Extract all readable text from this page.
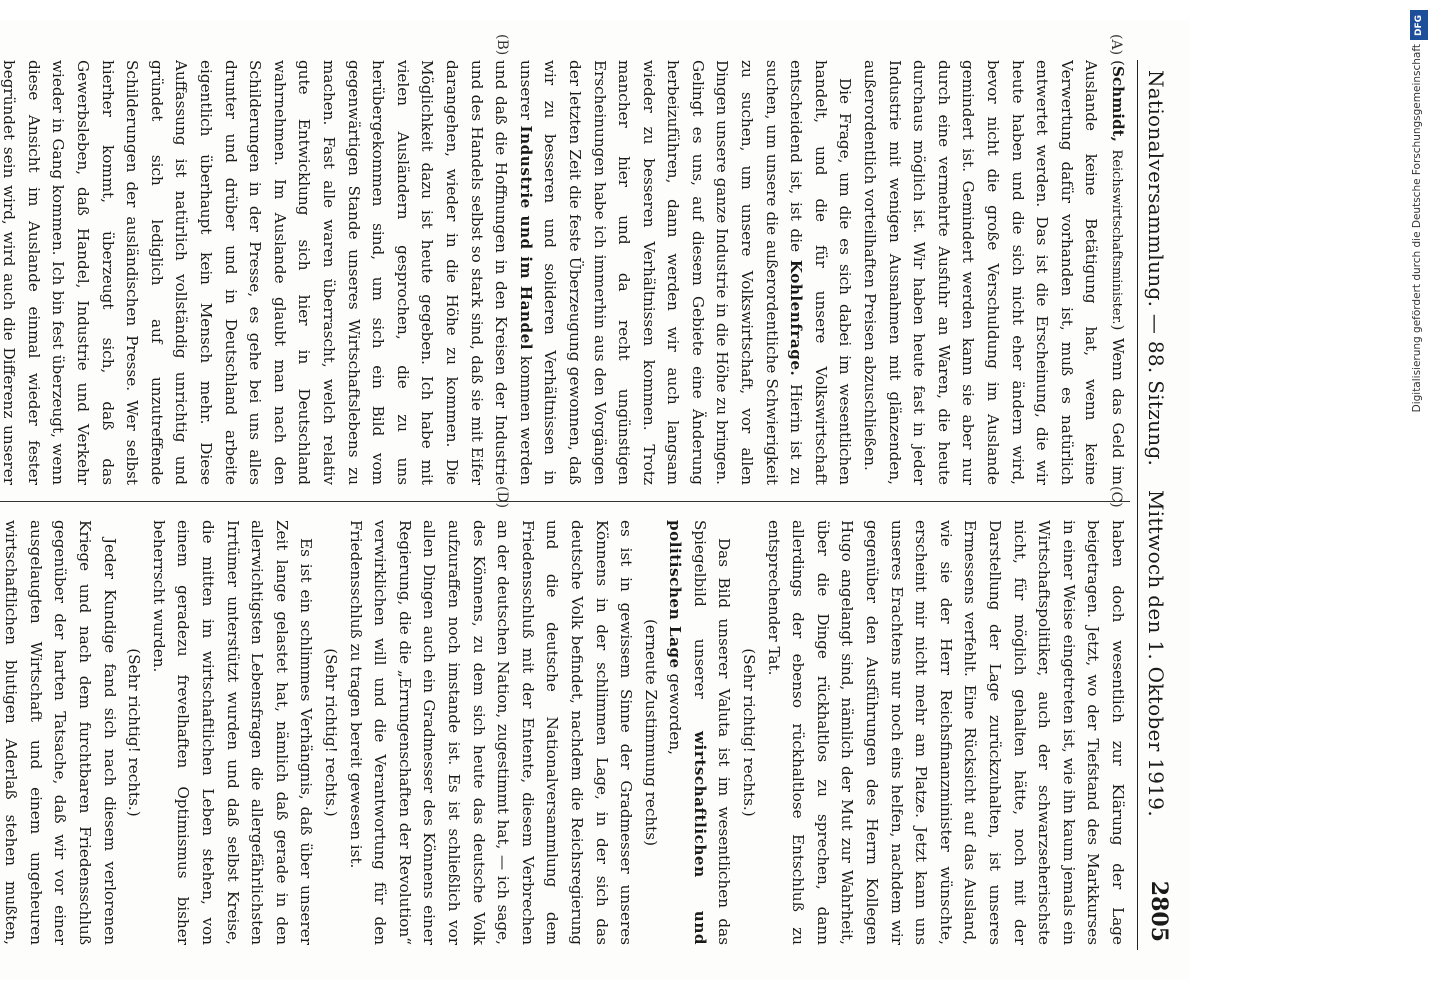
Nationalversammlung. — 88. Sitzung.
Mittwoch den 1. Oktober 1919.
2805
(A)
(B)
(C)
(D)

(Schmidt, Reichswirtschaftsminister.) Wenn das Geld im Auslande keine Betätigung hat, wenn keine Verwertung dafür vorhanden ist, muß es natürlich entwertet werden. Das ist die Erscheinung, die wir heute haben und die sich nicht eher ändern wird, bevor nicht die große Verschuldung im Auslande gemindert ist. Gemindert werden kann sie aber nur durch eine vermehrte Ausfuhr an Waren, die heute durchaus möglich ist. Wir haben heute fast in jeder Industrie mit wenigen Ausnahmen mit glänzenden, außerordentlich vorteilhaften Preisen abzuschließen.

Die Frage, um die es sich dabei im wesentlichen handelt, und die für unsere Volkswirtschaft entscheidend ist, ist die Kohlenfrage. Hierin ist zu suchen, um unsere die außerordentliche Schwierigkeit zu suchen, um unsere Volkswirtschaft, vor allen Dingen unsere ganze Industrie in die Höhe zu bringen. Gelingt es uns, auf diesem Gebiete eine Änderung herbeizuführen, dann werden wir auch langsam wieder zu besseren Verhältnissen kommen. Trotz mancher hier und da recht ungünstigen Erscheinungen habe ich immerhin aus den Vorgängen der letzten Zeit die feste Überzeugung gewonnen, daß wir zu besseren und solideren Verhältnissen in unserer Industrie und im Handel kommen werden und daß die Hoffnungen in den Kreisen der Industrie und des Handels selbst so stark sind, daß sie mit Eifer darangehen, wieder in die Höhe zu kommen. Die Möglichkeit dazu ist heute gegeben. Ich habe mit vielen Ausländern gesprochen, die zu uns herübergekommen sind, um sich ein Bild vom gegenwärtigen Stande unseres Wirtschaftslebens zu machen. Fast alle waren überrascht, welch relativ gute Entwicklung sich hier in Deutschland wahrnehmen. Im Auslande glaubt man nach den Schilderungen in der Presse, es gehe bei uns alles drunter und drüber und in Deutschland arbeite eigentlich überhaupt kein Mensch mehr. Diese Auffassung ist natürlich vollständig unrichtig und gründet sich lediglich auf unzutreffende Schilderungen der ausländischen Presse. Wer selbst hierher kommt, überzeugt sich, daß das Gewerbsleben, daß Handel, Industrie und Verkehr wieder in Gang kommen. Ich bin fest überzeugt, wenn diese Ansicht im Auslande einmal wieder fester begründet sein wird, wird auch die Differenz unserer

haben doch wesentlich zur Klärung der Lage beigetragen. Jetzt, wo der Tiefstand des Markkurses in einer Weise eingetreten ist, wie ihn kaum jemals ein Wirtschaftspolitiker, auch der schwarzseherischste nicht, für möglich gehalten hätte, noch mit der Darstellung der Lage zurückzuhalten, ist unseres Ermessens verfehlt. Eine Rücksicht auf das Ausland, wie sie der Herr Reichsfinanzminister wünschte, erscheint mir nicht mehr am Platze. Jetzt kann uns unseres Erachtens nur noch eins helfen, nachdem wir gegenüber den Ausführungen des Herrn Kollegen Hugo angelangt sind, nämlich der Mut zur Wahrheit, über die Dinge rückhaltlos zu sprechen, dann allerdings der ebenso rückhaltlose Entschluß zu entsprechender Tat.

(Sehr richtig! rechts.)

Das Bild unserer Valuta ist im wesentlichen das Spiegelbild unserer wirtschaftlichen und politischen Lage geworden,

(erneute Zustimmung rechts)

es ist in gewissem Sinne der Gradmesser unseres Könnens in der schlimmen Lage, in der sich das deutsche Volk befindet, nachdem die Reichsregierung und die deutsche Nationalversammlung dem Friedensschluß mit der Entente, diesem Verbrechen an der deutschen Nation, zugestimmt hat, — ich sage, des Könnens, zu dem sich heute das deutsche Volk aufzuraffen noch imstande ist. Es ist schließlich vor allen Dingen auch ein Gradmesser des Könnens einer Regierung, die die „Errungenschaften der Revolution“ verwirklichen will und die Verantwortung für den Friedensschluß zu tragen bereit gewesen ist.

(Sehr richtig! rechts.)

Es ist ein schlimmes Verhängnis, daß über unserer Zeit lange gelastet hat, nämlich daß gerade in den allerwichtigsten Lebensfragen die allergefährlichsten Irrtümer unterstützt wurden und daß selbst Kreise, die mitten im wirtschaftlichen Leben stehen, von einem geradezu frevelhaften Optimismus bisher beherrscht wurden.

(Sehr richtig! rechts.)

Jeder Kundige fand sich nach diesem verlorenen Kriege und nach dem furchtbaren Friedensschluß gegenüber der harten Tatsache, daß wir vor einer ausgelaugten Wirtschaft und einem ungeheuren wirtschaftlichen blutigen Aderlaß stehen mußten,

DFG
Digitalisierung gefördert durch die Deutsche Forschungsgemeinschaft
